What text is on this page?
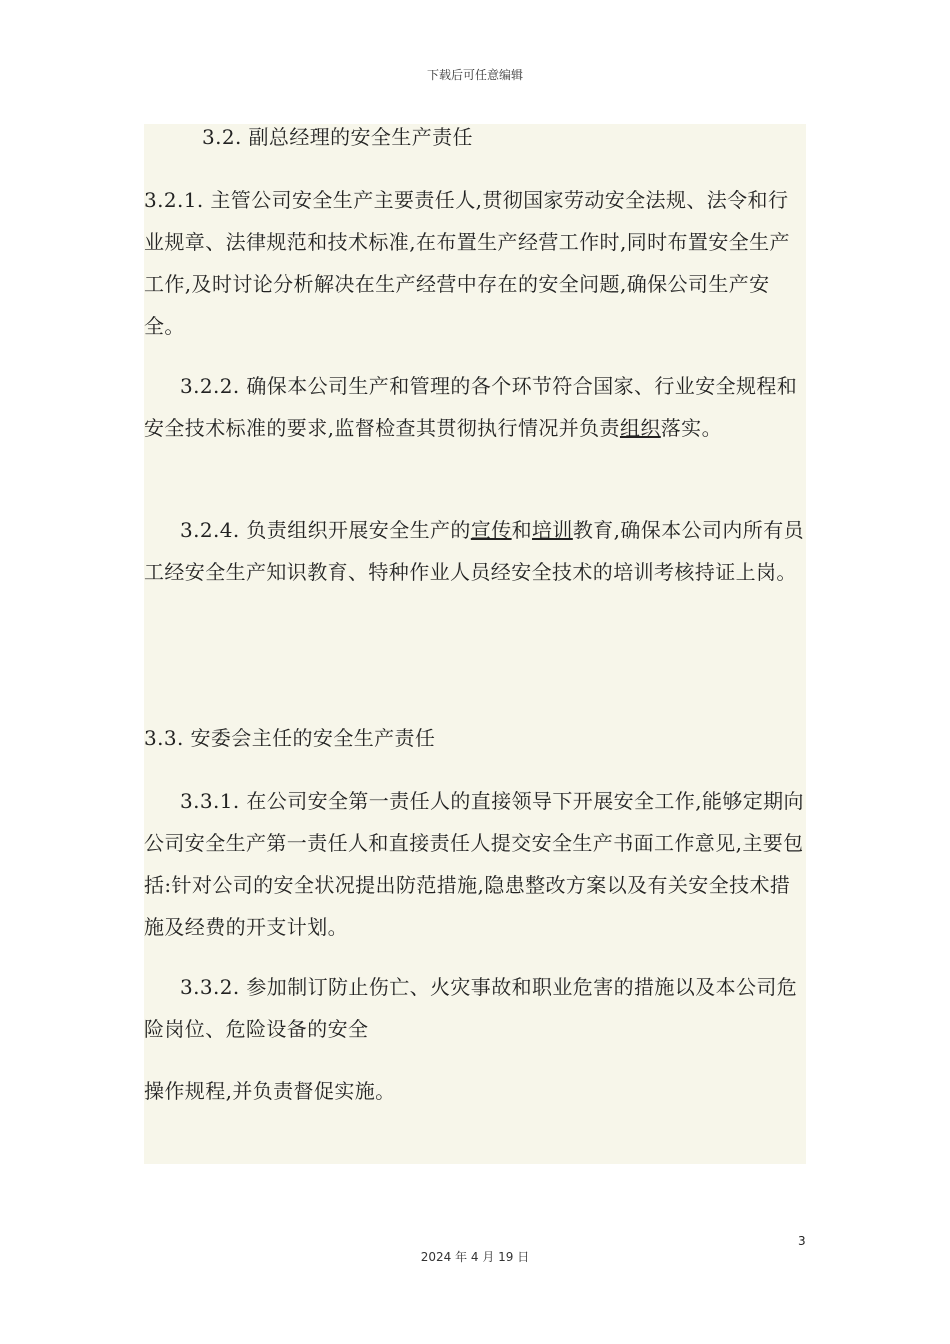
下载后可任意编辑
3.2. 副总经理的安全生产责任
3.2.1. 主管公司安全生产主要责任人,贯彻国家劳动安全法规、法令和行业规章、法律规范和技术标准,在布置生产经营工作时,同时布置安全生产工作,及时讨论分析解决在生产经营中存在的安全问题,确保公司生产安全。
3.2.2. 确保本公司生产和管理的各个环节符合国家、行业安全规程和安全技术标准的要求,监督检查其贯彻执行情况并负责组织落实。
3.2.4. 负责组织开展安全生产的宣传和培训教育,确保本公司内所有员工经安全生产知识教育、特种作业人员经安全技术的培训考核持证上岗。
3.3. 安委会主任的安全生产责任
3.3.1. 在公司安全第一责任人的直接领导下开展安全工作,能够定期向公司安全生产第一责任人和直接责任人提交安全生产书面工作意见,主要包括:针对公司的安全状况提出防范措施,隐患整改方案以及有关安全技术措施及经费的开支计划。
3.3.2. 参加制订防止伤亡、火灾事故和职业危害的措施以及本公司危险岗位、危险设备的安全
操作规程,并负责督促实施。
3
2024 年 4 月 19 日
